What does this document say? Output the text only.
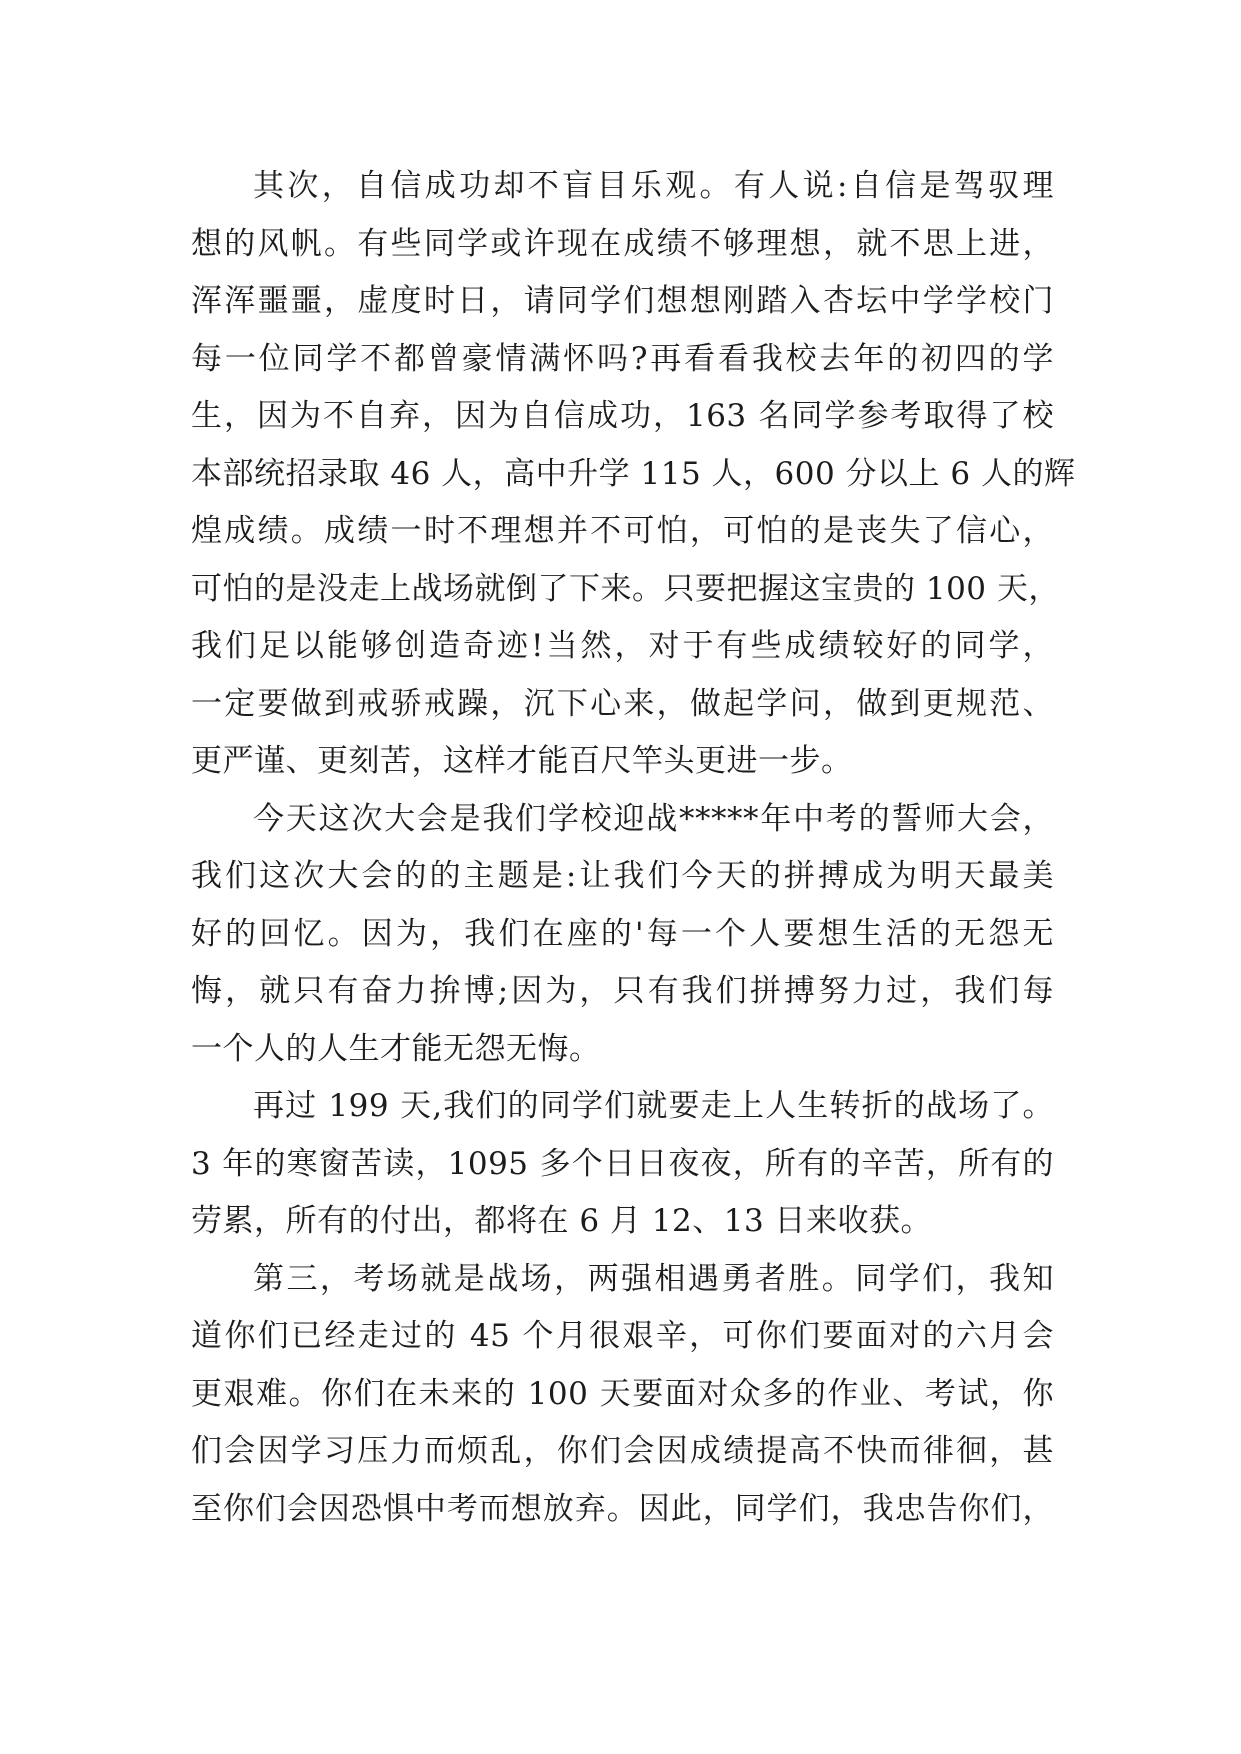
其次，自信成功却不盲目乐观。有人说:自信是驾驭理
想的风帆。有些同学或许现在成绩不够理想，就不思上进，
浑浑噩噩，虚度时日，请同学们想想刚踏入杏坛中学学校门
每一位同学不都曾豪情满怀吗?再看看我校去年的初四的学
生，因为不自弃，因为自信成功，163 名同学参考取得了校
本部统招录取 46 人，高中升学 115 人，600 分以上 6 人的辉
煌成绩。成绩一时不理想并不可怕，可怕的是丧失了信心，
可怕的是没走上战场就倒了下来。只要把握这宝贵的 100 天，
我们足以能够创造奇迹!当然，对于有些成绩较好的同学，
一定要做到戒骄戒躁，沉下心来，做起学问，做到更规范、
更严谨、更刻苦，这样才能百尺竿头更进一步。
今天这次大会是我们学校迎战*****年中考的誓师大会，
我们这次大会的的主题是:让我们今天的拼搏成为明天最美
好的回忆。因为，我们在座的'每一个人要想生活的无怨无
悔，就只有奋力拚博;因为，只有我们拼搏努力过，我们每
一个人的人生才能无怨无悔。
再过 199 天,我们的同学们就要走上人生转折的战场了。
3 年的寒窗苦读，1095 多个日日夜夜，所有的辛苦，所有的
劳累，所有的付出，都将在 6 月 12、13 日来收获。
第三，考场就是战场，两强相遇勇者胜。同学们，我知
道你们已经走过的 45 个月很艰辛，可你们要面对的六月会
更艰难。你们在未来的 100 天要面对众多的作业、考试，你
们会因学习压力而烦乱，你们会因成绩提高不快而徘徊，甚
至你们会因恐惧中考而想放弃。因此，同学们，我忠告你们，
